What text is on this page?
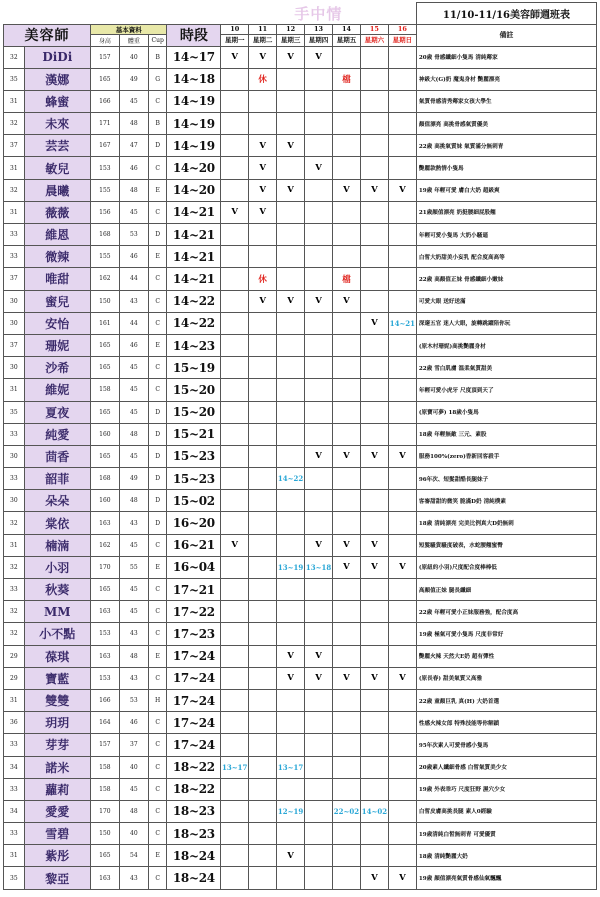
						手中情							11/10-11/16美容師週班表
美容師		基本資料			時段	10	11	12	13	14	15	16	備註
		身高	體重	Cup		星期一	星期二	星期三	星期四	星期五	星期六	星期日	
32	DiDi	157	40	B	14~17	V	V	V	V				20歲 骨感纖細小隻馬 清純鄰家
35	漢娜	165	49	G	14~18		休			檔			神級大(G)奶 魔鬼身材 艷麗漂亮
31	蜂蜜	166	45	C	14~19								氣質骨感清秀鄰家女孩大學生
32	未來	171	48	B	14~19								顏值漂亮 高挑骨感氣質優美
37	芸芸	167	47	D	14~19		V	V					22歲 高挑氣質妹 氣質滿分無刺青
31	敏兒	153	46	C	14~20		V		V				艷麗款熱情小隻馬
32	晨曦	155	48	E	14~20		V	V		V	V	V	19歲 年輕可愛 膚白大奶 超級爽
31	薇薇	156	45	C	14~21	V	V						21歲顏值漂亮 奶挺腰細屁股翹
33	維恩	168	53	D	14~21								年輕可愛小隻馬 大奶小騷逼
33	微辣	155	46	E	14~21								白皙大奶甜美小妄乳 配合度高高等
37	唯甜	162	44	C	14~21		休			檔			22歲 高顏值正妹 骨感纖細小嫩妹
30	蜜兒	150	43	C	14~22		V	V	V	V			可愛大眼 送好送滿
30	安怡	161	44	C	14~22						V	14~21	深邃五官 迷人大眼，旋轉跳躍陪你玩
37	珊妮	165	46	E	14~23								(原木村珊妮)高挑艷麗身材
30	沙希	165	45	C	15~19								22歲 雪白肌膚 溫柔氣質甜美
31	維妮	158	45	C	15~20								年輕可愛小虎牙 尺度頂到天了
35	夏夜	165	45	D	15~20								(原寶可夢) 18歲小隻馬
33	純愛	160	48	D	15~21								18歲 年輕無敵 三元、素股
30	茴香	165	45	D	15~23				V	V	V	V	服務100%(zero)香新回客殺手
33	韶菲	168	49	D	15~23			14~22					96年次、短髮甜酷長腿妹子
30	朵朵	160	48	D	15~02								客審甜甜的微笑 脆滿D奶 清純樸素
32	棠依	163	43	D	16~20								18歲 清純漂亮 完美比例真大D奶無刺
31	楠湳	162	45	C	16~21	V			V	V	V		短髮騷貨騷度破表，水蛇腰翹蜜臀
32	小羽	170	55	E	16~04			13~19	13~18	V	V	V	(原紐約小羽)尺度配合度棒棒低
33	秋葵	165	45	C	17~21								高顏值正妹 腿長纖細
32	MM	163	45	C	17~22								22歲 年輕可愛小正妹服務強，配合度高
32	小不點	153	43	C	17~23								19歲 極氣可愛小隻馬 尺度非常好
29	葆琪	163	48	E	17~24			V	V				艷麗火辣 天然大E奶 超有彈性
29	寶藍	153	43	C	17~24			V	V	V	V	V	(原長春) 甜美氣質又高雅
31	雙雙	166	53	H	17~24								22歲 童顏巨乳 真(H) 大奶首選
36	玥玥	164	46	C	17~24								性感火辣女郎 特殊技能等你解鎖
33	芽芽	157	37	C	17~24								95年次素人可愛骨感小隻馬
34	諾米	158	40	C	18~22	13~17		13~17					20歲素人纖細骨感 白皙氣質美少女
33	蘿莉	158	45	C	18~22								19歲 外表乖巧 尺度狂野 濕穴少女
34	愛愛	170	48	C	18~23			12~19		22~02	14~02		白皙皮膚高挑長腿 素人0經驗
33	雪碧	150	40	C	18~23								19歲清純白皙無刺青 可愛優質
31	紫彤	165	54	E	18~24			V					18歲 清純艷麗大奶
35	黎亞	163	43	C	18~24						V	V	19歲 顏值漂亮氣質骨感仙氣飄飄
